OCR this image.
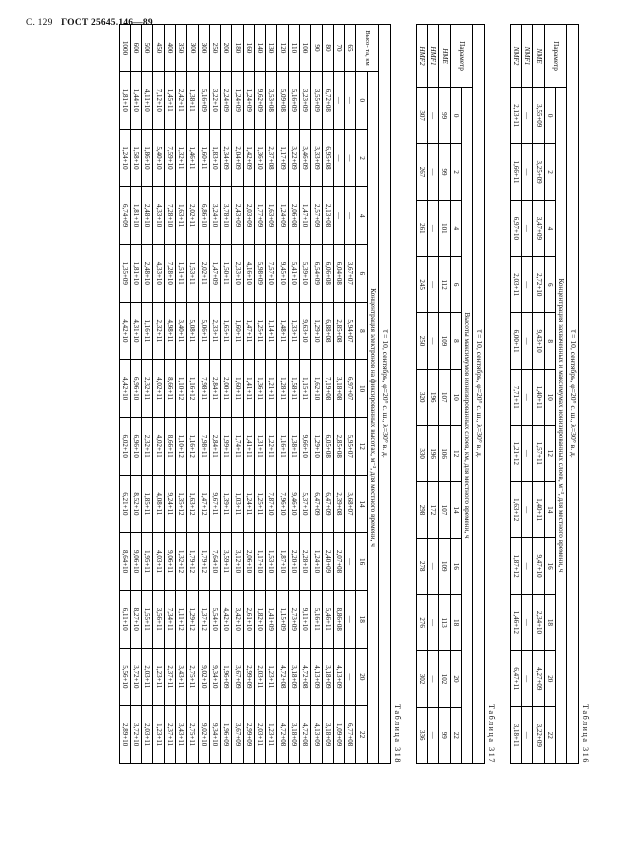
С. 129 ГОСТ 25645.146—89
Таблица 316
t̅ = 10, сентябрь, φ=20° с. ш., λ=30° в. д.												
Параметр	Концентрация захваченных и максимумах ионизированных слоев, м⁻³, для местного времени, ч											
	0	2	4	6	8	10	12	14	16	18	20	22
NME	3,55+09	3,25+09	3,47+09	2,72+10	9,43+10	1,40+11	1,57+11	1,40+11	9,47+10	2,34+10	4,27+09	3,22+09
NMF1	—	—	—	—	—	—	—	—	—	—	—	—
NMF2	2,13+11	1,66+11	6,97+10	2,03+11	6,00+11	7,71+11	1,21+12	1,63+12	1,87+12	1,46+12	6,47+11	3,18+11
Таблица 317
t̅ = 10, сентябрь, φ=20° с. ш., λ=30° в. д.												
Параметр	Высоты максимумов ионизированных слоев, км, для местного времени, ч											
	0	2	4	6	8	10	12	14	16	18	20	22
HME	99	99	101	112	109	107	106	107	109	113	102	99
HMF1	—	—	—	—	—	196	196	172	—	—	—	—
HMF2	307	267	261	245	250	320	330	298	278	276	302	336
Таблица 318
t̅ = 10, сентябрь, φ=20° с. ш., λ=30° в. д.												
Высо- та, км	Концентрация электронов на фиксированных высотах, м⁻³, для местного времени, ч											
	0	2	4	6	8	10	12	14	16	18	20	22
65	—	—	—	3,67+07	5,94+07	6,97+07	5,95+07	3,68+07	—	—	—	6,77+08
70	—	—	—	6,04+08	2,85+08	3,18+08	2,85+08	2,39+08	2,07+08	8,86+08	4,13+09	1,09+09
80	6,72+08	6,95+08	2,13+08	6,06+08	6,88+08	7,19+08	6,05+08	6,47+09	2,40+09	5,46+11	3,18+09	3,18+09
90	3,55+09	3,33+09	2,57+09	6,54+09	1,29+10	1,62+10	1,29+10	6,47+09	1,24+10	5,16+11	4,13+09	4,13+09
100	3,23+09	3,46+09	1,47+10	5,39+10	9,63+10	1,15+11	9,66+10	5,37+10	2,28+10	9,11+10	4,72+08	4,72+08
110	5,16+09	3,22+09	2,06+08	5,41+10	1,33+11	1,58+11	1,38+11	9,46+10	2,20+10	2,73+09	3,18+09	3,18+09
120	5,09+08	1,17+09	1,24+09	9,45+10	1,48+11	1,28+11	1,16+11	7,96+10	1,87+10	1,15+09	4,72+08	4,72+08
130	3,53+08	2,37+08	1,63+09	7,57+10	1,14+11	1,21+11	1,22+11	7,87+10	1,53+10	1,41+09	1,23+11	1,23+11
140	9,62+09	1,36+10	1,77+09	5,98+09	1,25+11	1,36+11	1,31+11	1,25+11	1,17+10	1,82+10	2,03+11	2,03+11
160	1,24+09	1,42+09	2,03+09	4,16+10	1,47+11	1,41+11	1,41+11	1,24+11	2,06+10	2,61+10	2,99+09	2,99+09
180	1,24+09	2,04+09	2,43+09	2,33+10	1,60+11	1,60+11	1,74+11	1,03+11	3,12+10	3,42+10	3,67+09	3,67+09
200	2,24+09	2,34+09	3,78+10	1,50+11	1,65+11	2,00+11	1,99+11	1,39+11	3,59+11	4,42+10	1,96+09	1,96+09
250	3,22+10	1,83+10	3,24+10	1,47+09	2,33+11	2,84+11	2,84+11	9,67+11	7,64+10	5,54+10	9,34+10	9,34+10
300	5,16+09	1,60+11	6,86+10	2,02+11	5,06+11	7,98+11	7,98+11	1,47+12	1,79+12	1,37+12	9,02+10	9,02+10
300	1,38+11	1,46+11	2,02+11	1,53+11	5,08+11	1,16+12	1,16+12	1,63+12	1,79+12	1,29+12	2,75+11	2,75+11
350	2,42+11	1,32+11	1,63+11	1,51+11	3,40+11	1,10+12	1,10+12	1,35+12	1,32+12	1,11+12	3,43+11	3,43+11
400	1,45+11	7,59+10	7,28+10	7,28+10	4,98+11	8,66+11	8,66+11	9,24+11	9,06+11	7,34+11	2,37+11	2,37+11
450	7,12+10	5,40+10	4,33+10	4,33+10	2,32+11	4,02+11	4,02+11	4,08+11	4,03+11	3,56+11	1,23+11	1,23+11
500	4,11+10	1,86+10	2,48+10	2,48+10	1,16+11	2,32+11	2,32+11	1,85+11	1,95+11	1,55+11	2,03+11	2,03+11
600	1,44+10	1,58+10	1,81+10	1,81+10	4,31+10	6,96+10	6,96+10	8,52+10	9,06+10	8,27+10	3,72+10	3,72+10
1000	1,81+10	1,24+10	6,74+09	1,35+09	4,42+10	4,42+10	6,02+10	6,21+10	8,64+10	6,11+10	5,56+10	2,89+10
